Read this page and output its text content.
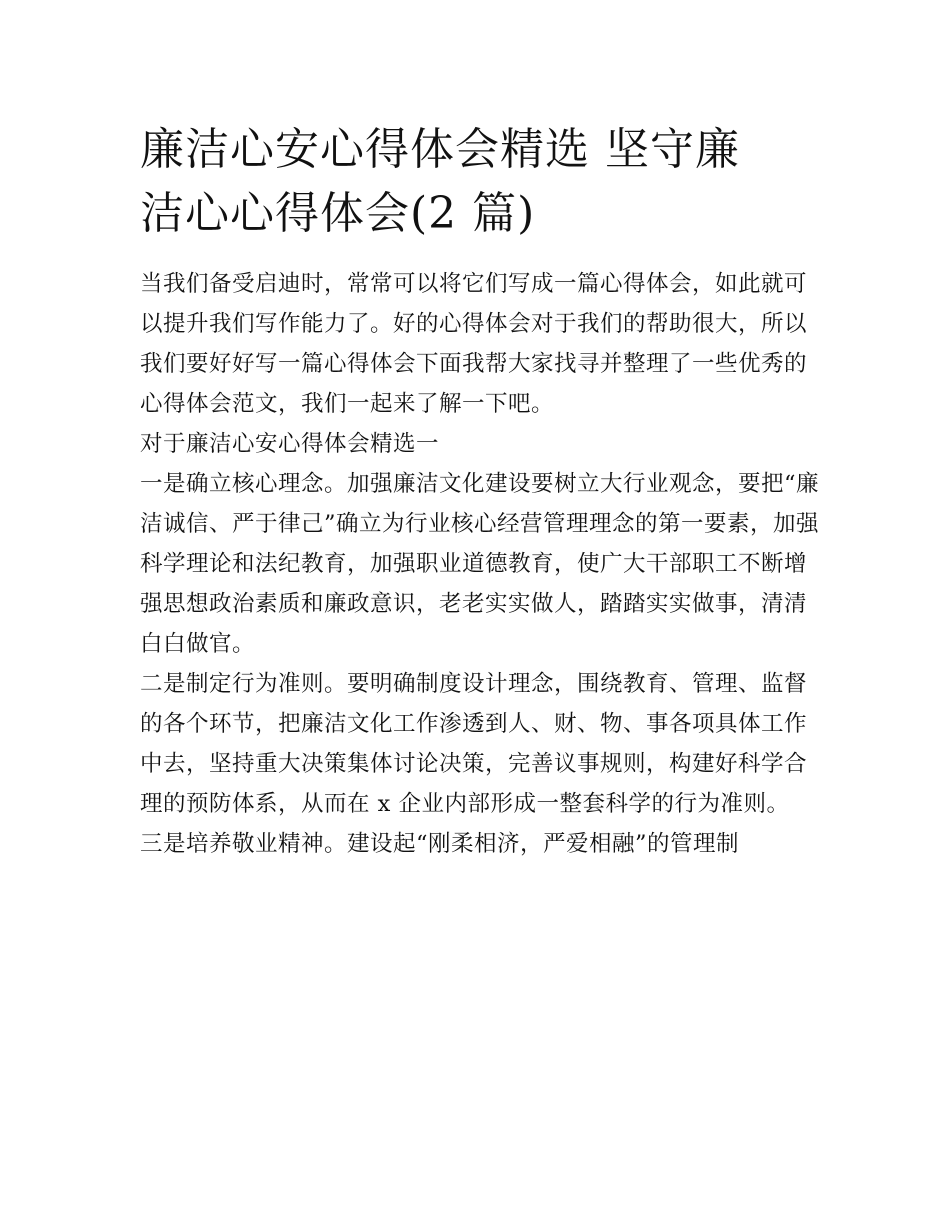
廉洁心安心得体会精选 坚守廉
洁心心得体会(2 篇)

当我们备受启迪时，常常可以将它们写成一篇心得体会，如此就可以提升我们写作能力了。好的心得体会对于我们的帮助很大，所以我们要好好写一篇心得体会下面我帮大家找寻并整理了一些优秀的心得体会范文，我们一起来了解一下吧。

对于廉洁心安心得体会精选一

一是确立核心理念。加强廉洁文化建设要树立大行业观念，要把“廉洁诚信、严于律己”确立为行业核心经营管理理念的第一要素，加强科学理论和法纪教育，加强职业道德教育，使广大干部职工不断增强思想政治素质和廉政意识，老老实实做人，踏踏实实做事，清清白白做官。

二是制定行为准则。要明确制度设计理念，围绕教育、管理、监督的各个环节，把廉洁文化工作渗透到人、财、物、事各项具体工作中去，坚持重大决策集体讨论决策，完善议事规则，构建好科学合理的预防体系，从而在 x 企业内部形成一整套科学的行为准则。

三是培养敬业精神。建设起“刚柔相济，严爱相融”的管理制
